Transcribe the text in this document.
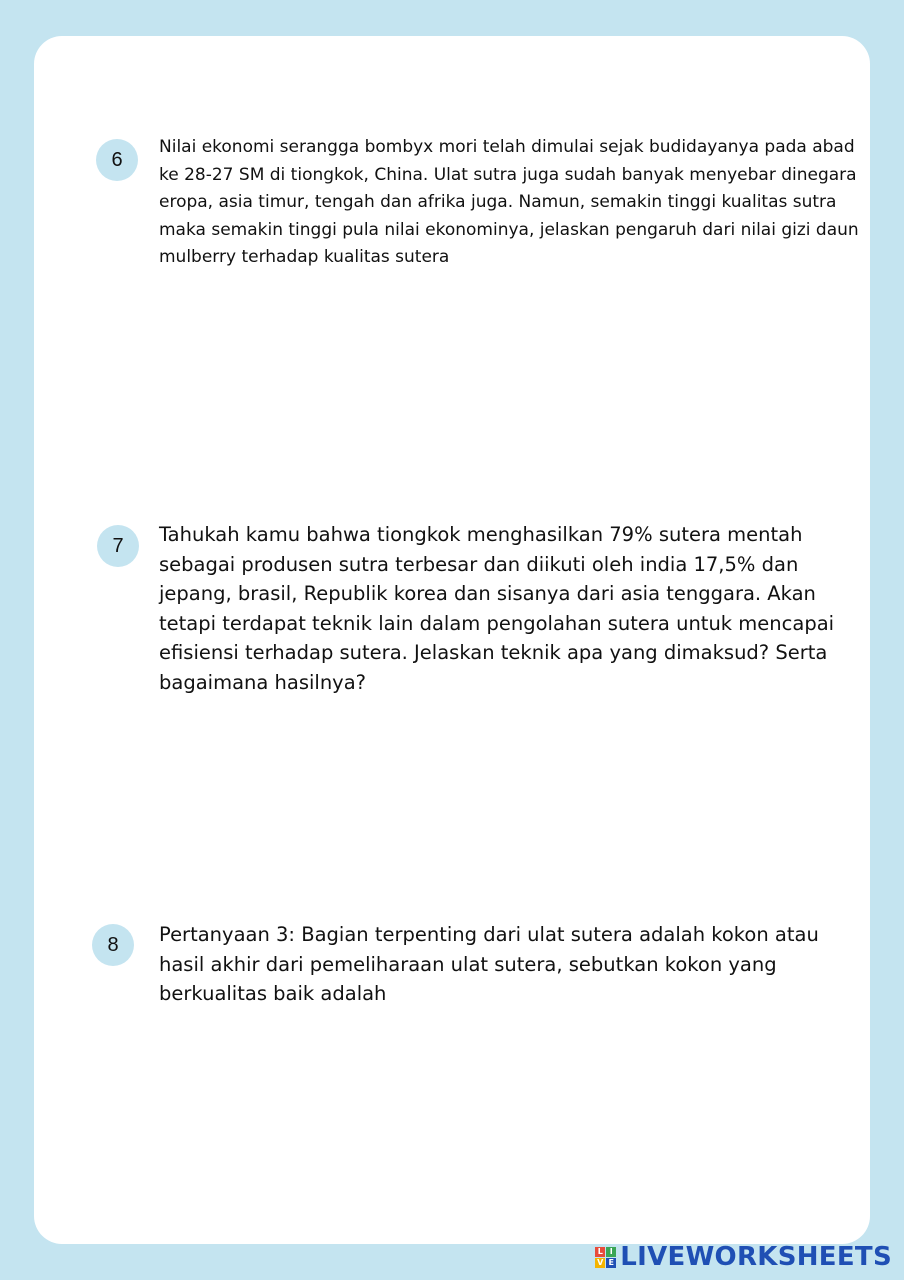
6

Nilai ekonomi serangga bombyx mori telah dimulai sejak budidayanya pada abad ke 28-27 SM di tiongkok, China. Ulat sutra juga sudah banyak menyebar dinegara eropa, asia timur, tengah dan afrika juga. Namun, semakin tinggi kualitas sutra maka semakin tinggi pula nilai ekonominya, jelaskan pengaruh dari nilai gizi daun mulberry terhadap kualitas sutera

7	Tahukah kamu bahwa tiongkok menghasilkan 79% sutera mentah sebagai produsen sutra terbesar dan diikuti oleh india 17,5% dan jepang, brasil, Republik korea dan sisanya dari asia tenggara. Akan tetapi terdapat teknik lain dalam pengolahan sutera untuk mencapai efisiensi terhadap sutera. Jelaskan teknik apa yang dimaksud? Serta bagaimana hasilnya?

8	Pertanyaan 3: Bagian terpenting dari ulat sutera adalah kokon atau hasil akhir dari pemeliharaan ulat sutera, sebutkan kokon yang berkualitas baik adalah

L I
V E LIVEWORKSHEETS
